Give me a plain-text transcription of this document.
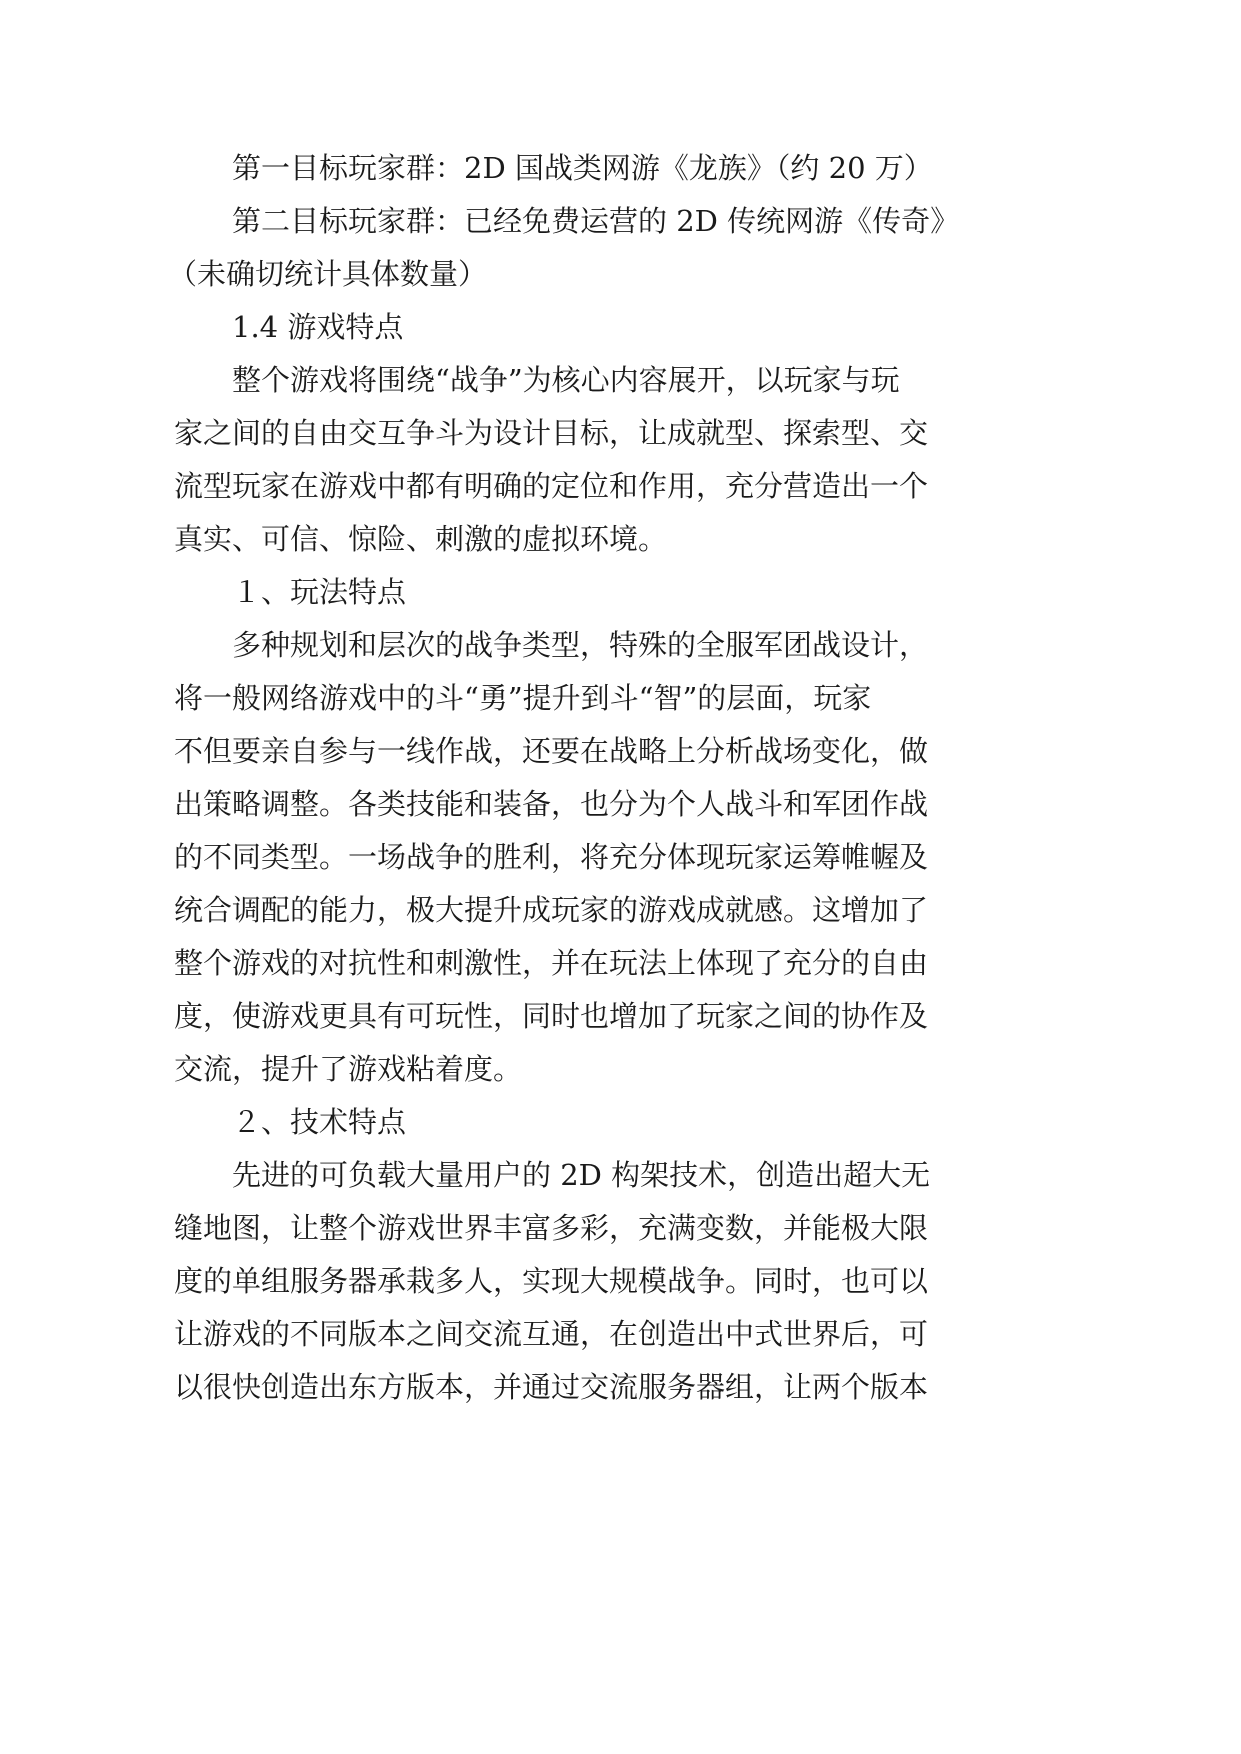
第一目标玩家群：2D 国战类网游《龙族》（约 20 万）
第二目标玩家群：已经免费运营的 2D 传统网游《传奇》
（未确切统计具体数量）
1.4 游戏特点
整个游戏将围绕“战争”为核心内容展开，以玩家与玩
家之间的自由交互争斗为设计目标，让成就型、探索型、交
流型玩家在游戏中都有明确的定位和作用，充分营造出一个
真实、可信、惊险、刺激的虚拟环境。
１、玩法特点
多种规划和层次的战争类型，特殊的全服军团战设计，
将一般网络游戏中的斗“勇”提升到斗“智”的层面，玩家
不但要亲自参与一线作战，还要在战略上分析战场变化，做
出策略调整。各类技能和装备，也分为个人战斗和军团作战
的不同类型。一场战争的胜利，将充分体现玩家运筹帷幄及
统合调配的能力，极大提升成玩家的游戏成就感。这增加了
整个游戏的对抗性和刺激性，并在玩法上体现了充分的自由
度，使游戏更具有可玩性，同时也增加了玩家之间的协作及
交流，提升了游戏粘着度。
２、技术特点
先进的可负载大量用户的 2D 构架技术，创造出超大无
缝地图，让整个游戏世界丰富多彩，充满变数，并能极大限
度的单组服务器承栽多人，实现大规模战争。同时，也可以
让游戏的不同版本之间交流互通，在创造出中式世界后，可
以很快创造出东方版本，并通过交流服务器组，让两个版本
